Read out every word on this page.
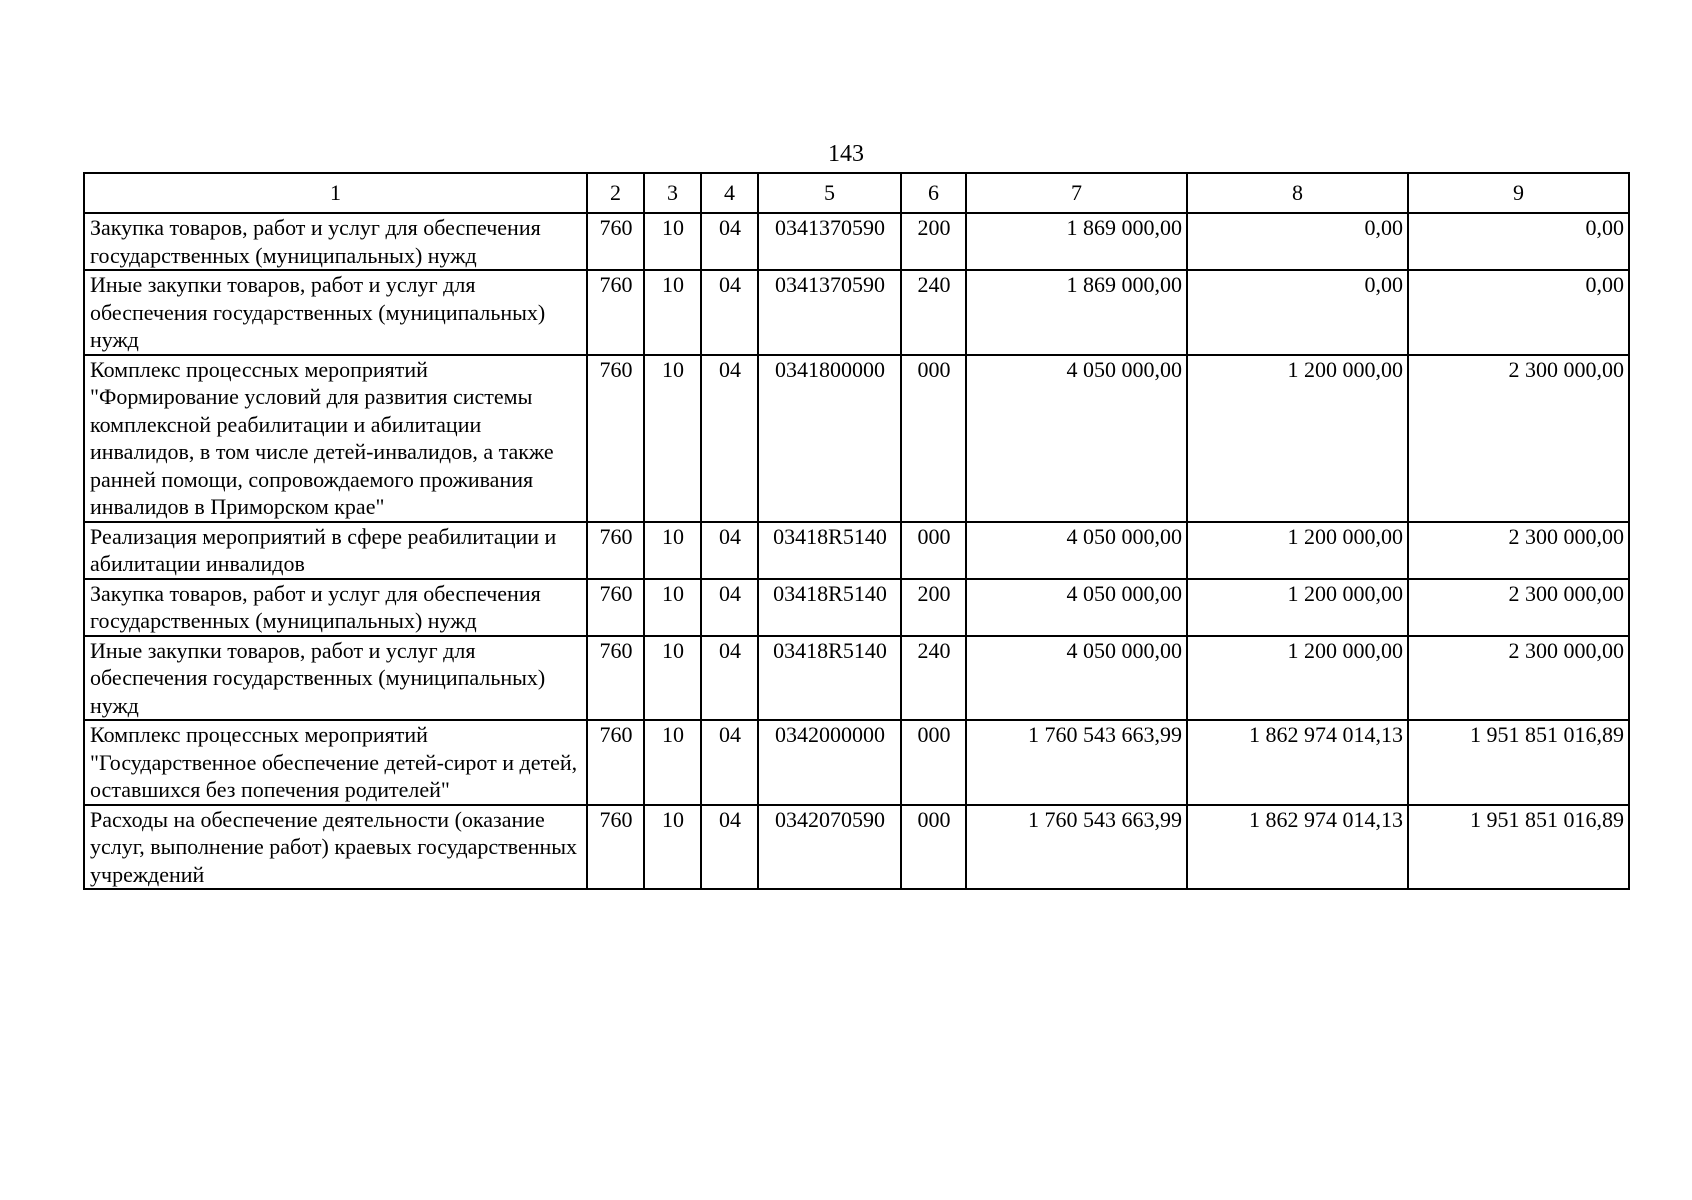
143
1	2	3	4	5	6	7	8	9
Закупка товаров, работ и услуг для обеспечения государственных (муниципальных) нужд	760	10	04	0341370590	200	1 869 000,00	0,00	0,00
Иные закупки товаров, работ и услуг для обеспечения государственных (муниципальных) нужд	760	10	04	0341370590	240	1 869 000,00	0,00	0,00
Комплекс процессных мероприятий "Формирование условий для развития системы комплексной реабилитации и абилитации инвалидов, в том числе детей-инвалидов, а также ранней помощи, сопровождаемого проживания инвалидов в Приморском крае"	760	10	04	0341800000	000	4 050 000,00	1 200 000,00	2 300 000,00
Реализация мероприятий в сфере реабилитации и абилитации инвалидов	760	10	04	03418R5140	000	4 050 000,00	1 200 000,00	2 300 000,00
Закупка товаров, работ и услуг для обеспечения государственных (муниципальных) нужд	760	10	04	03418R5140	200	4 050 000,00	1 200 000,00	2 300 000,00
Иные закупки товаров, работ и услуг для обеспечения государственных (муниципальных) нужд	760	10	04	03418R5140	240	4 050 000,00	1 200 000,00	2 300 000,00
Комплекс процессных мероприятий "Государственное обеспечение детей-сирот и детей, оставшихся без попечения родителей"	760	10	04	0342000000	000	1 760 543 663,99	1 862 974 014,13	1 951 851 016,89
Расходы на обеспечение деятельности (оказание услуг, выполнение работ) краевых государственных учреждений	760	10	04	0342070590	000	1 760 543 663,99	1 862 974 014,13	1 951 851 016,89
